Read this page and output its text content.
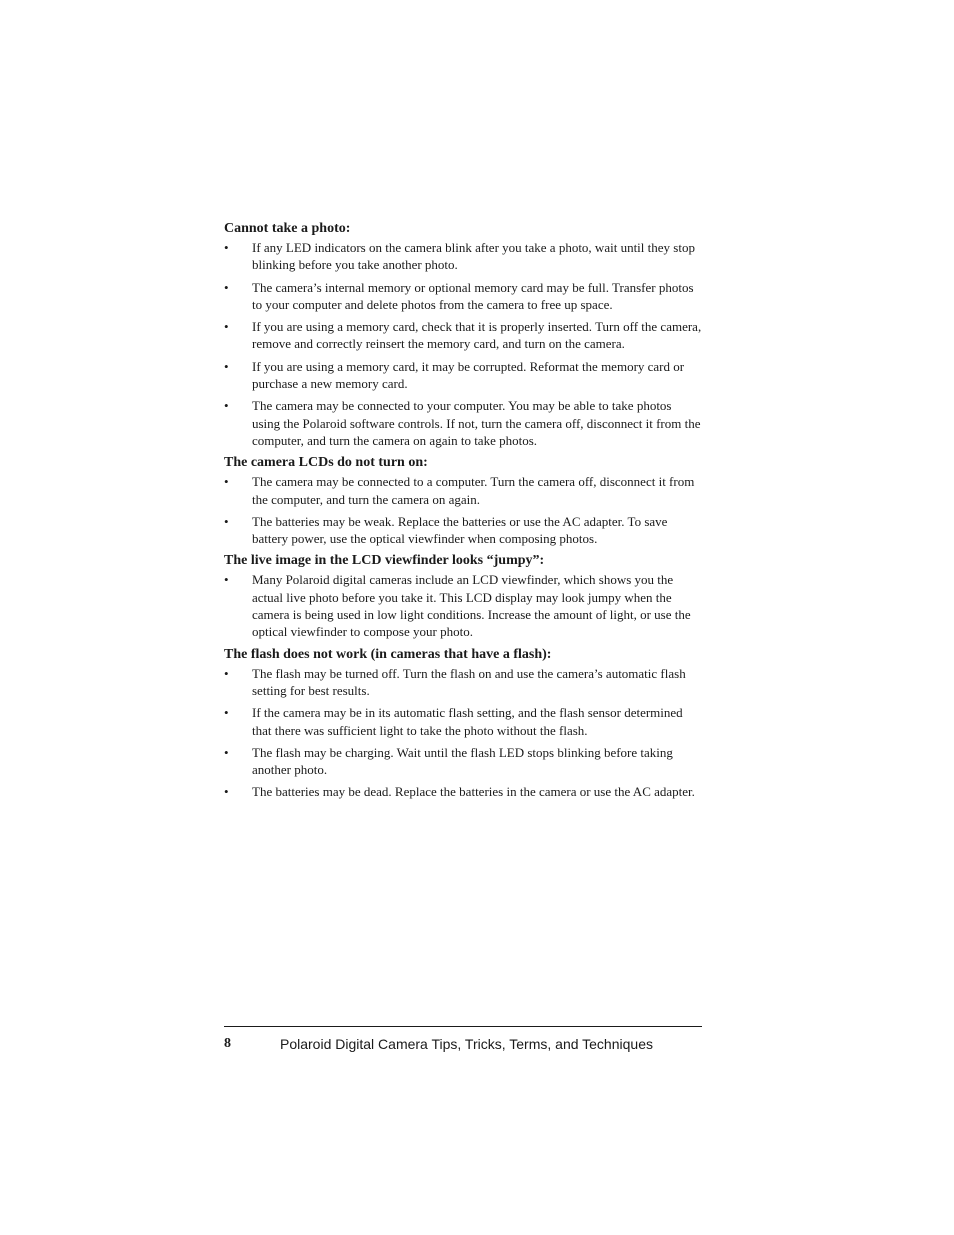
Cannot take a photo:
• If any LED indicators on the camera blink after you take a photo, wait until they stop blinking before you take another photo.
• The camera’s internal memory or optional memory card may be full. Transfer photos to your computer and delete photos from the camera to free up space.
• If you are using a memory card, check that it is properly inserted. Turn off the camera, remove and correctly reinsert the memory card, and turn on the camera.
• If you are using a memory card, it may be corrupted. Reformat the memory card or purchase a new memory card.
• The camera may be connected to your computer. You may be able to take photos using the Polaroid software controls. If not, turn the camera off, disconnect it from the computer, and turn the camera on again to take photos.
The camera LCDs do not turn on:
• The camera may be connected to a computer. Turn the camera off, disconnect it from the computer, and turn the camera on again.
• The batteries may be weak. Replace the batteries or use the AC adapter. To save battery power, use the optical viewfinder when composing photos.
The live image in the LCD viewfinder looks “jumpy”:
• Many Polaroid digital cameras include an LCD viewfinder, which shows you the actual live photo before you take it. This LCD display may look jumpy when the camera is being used in low light conditions. Increase the amount of light, or use the optical viewfinder to compose your photo.
The flash does not work (in cameras that have a flash):
• The flash may be turned off. Turn the flash on and use the camera’s automatic flash setting for best results.
• If the camera may be in its automatic flash setting, and the flash sensor determined that there was sufficient light to take the photo without the flash.
• The flash may be charging. Wait until the flash LED stops blinking before taking another photo.
• The batteries may be dead. Replace the batteries in the camera or use the AC adapter.
8	Polaroid Digital Camera Tips, Tricks, Terms, and Techniques
